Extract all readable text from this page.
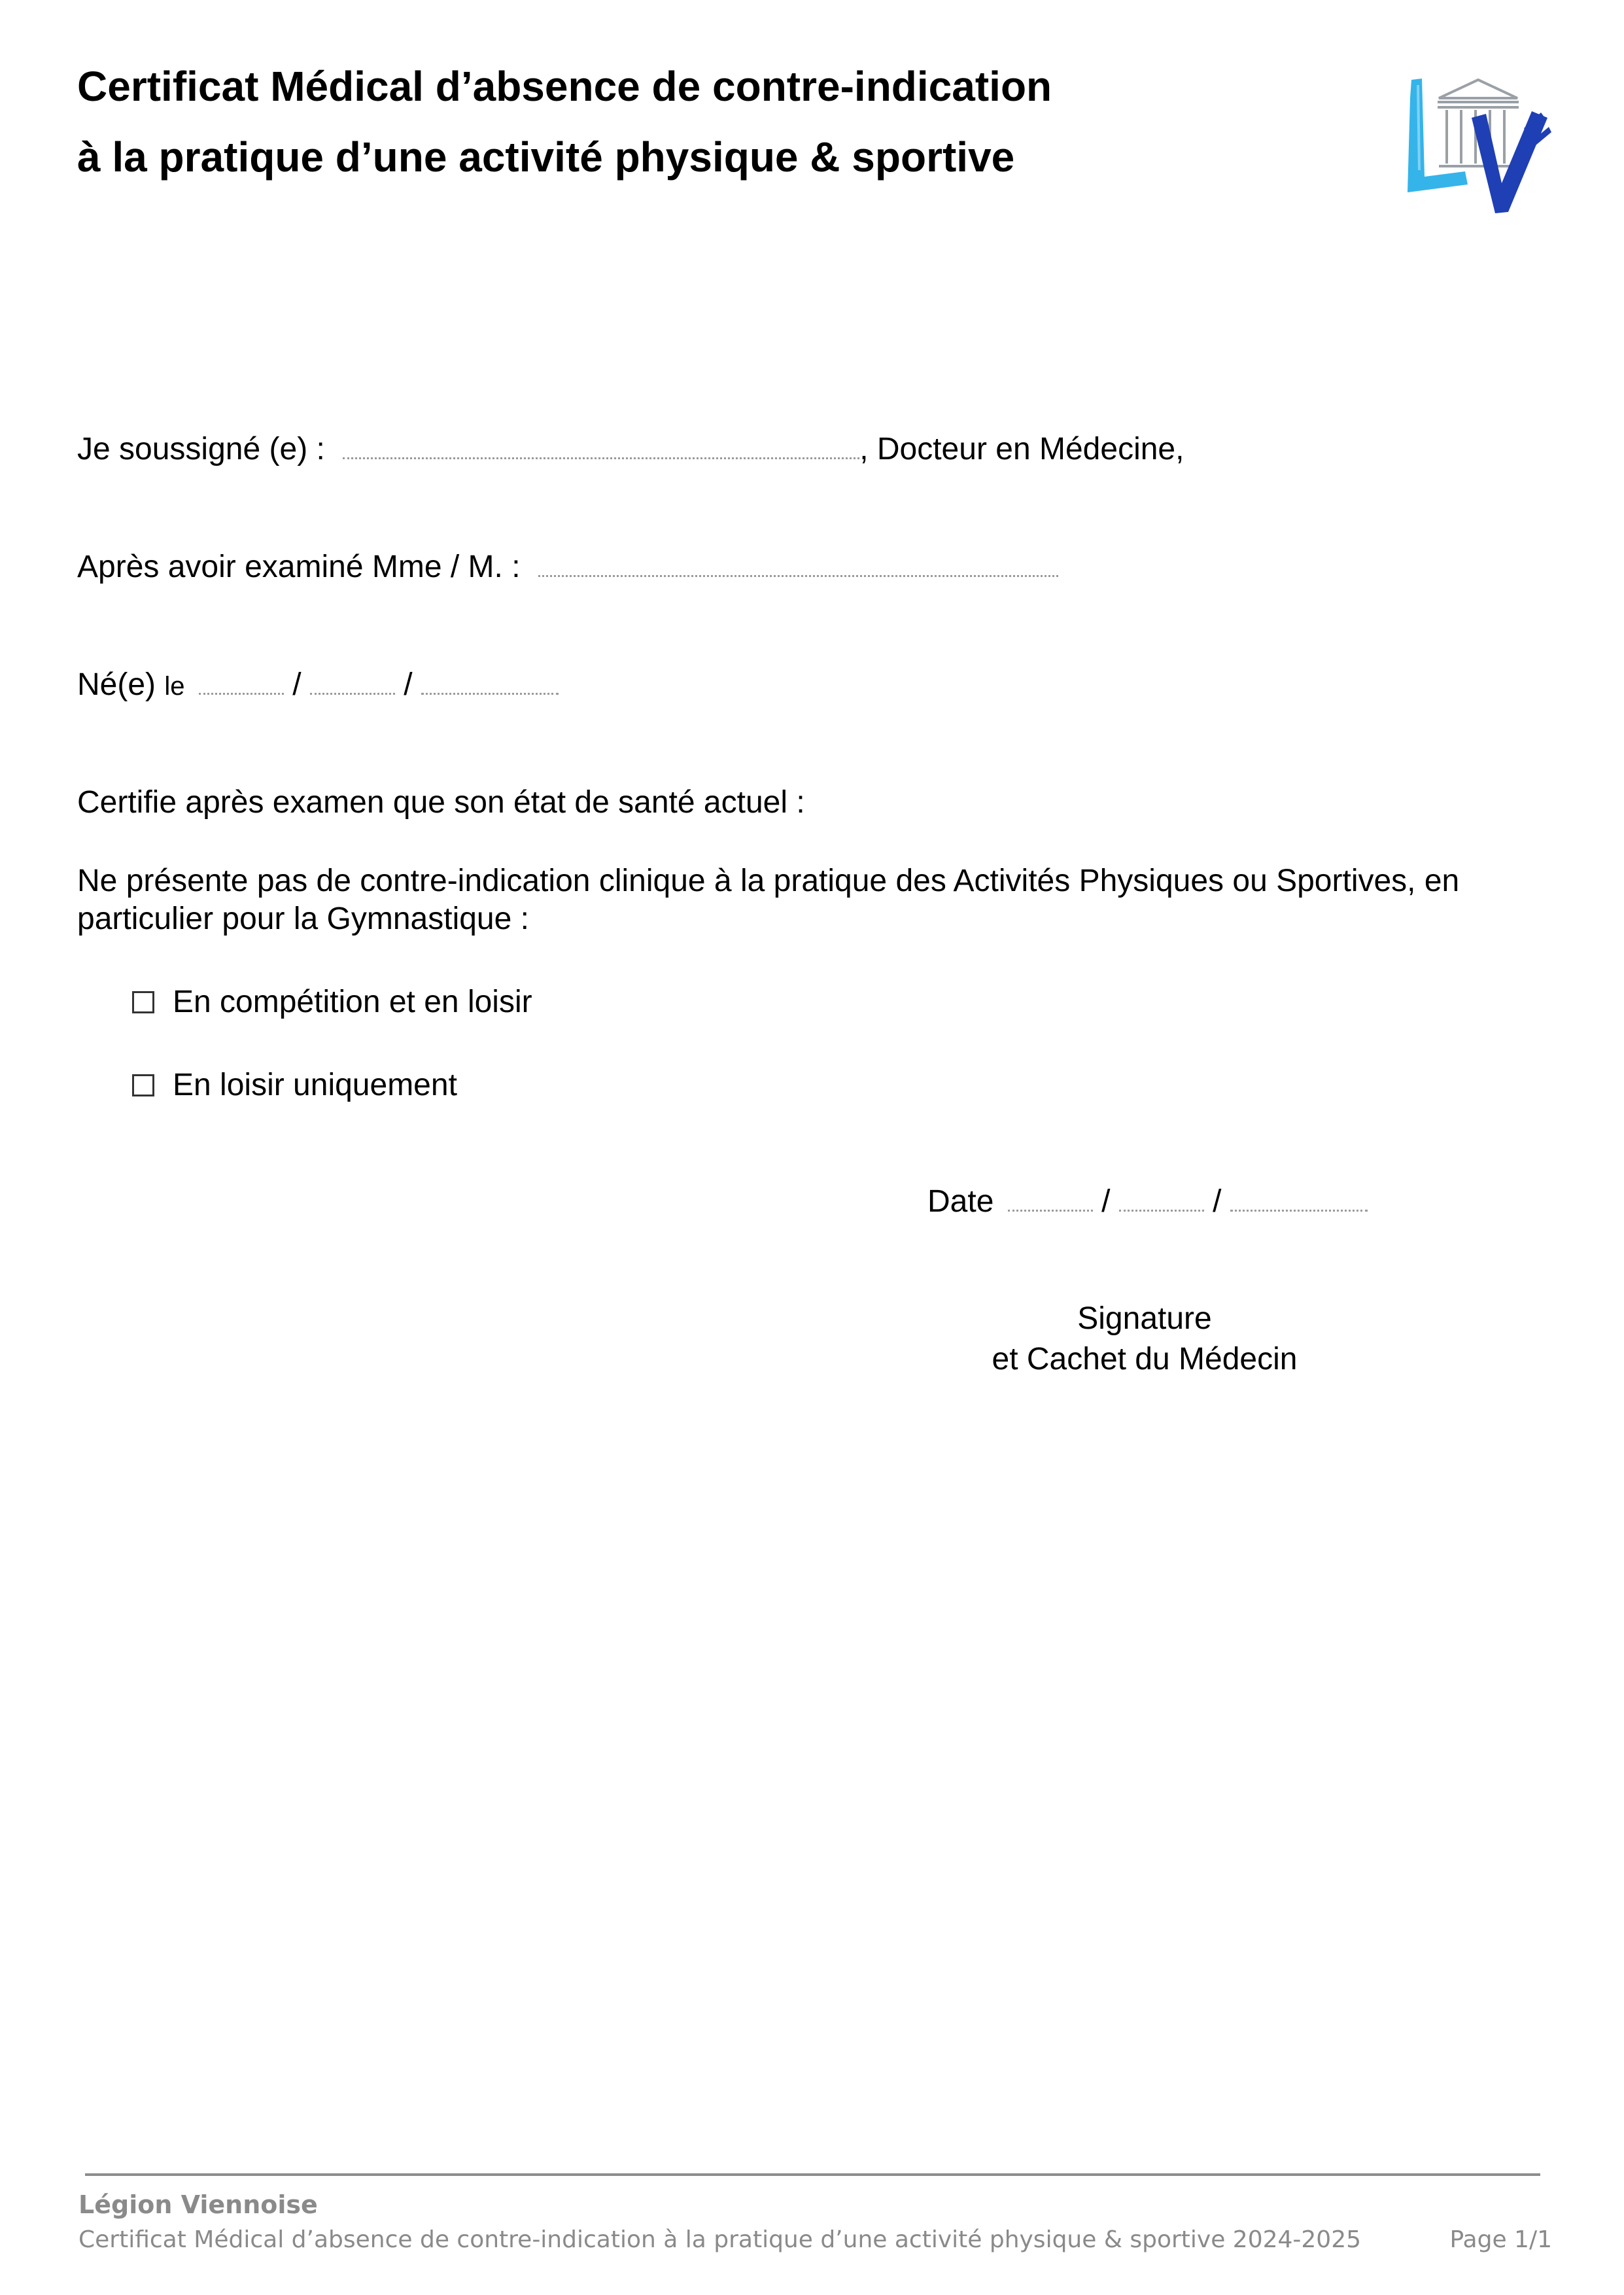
Certificat Médical d’absence de contre-indication
à la pratique d’une activité physique & sportive
Je soussigné (e) :	, Docteur en Médecine,
Après avoir examiné Mme / M. :
Né(e) le	/	/
Certifie après examen que son état de santé actuel :
Ne présente pas de contre-indication clinique à la pratique des Activités Physiques ou Sportives, en particulier pour la Gymnastique :
En compétition et en loisir
En loisir uniquement
Date	/	/
Signature
et Cachet du Médecin
Légion Viennoise
Certificat Médical d’absence de contre-indication à la pratique d’une activité physique & sportive 2024-2025	Page 1/1
